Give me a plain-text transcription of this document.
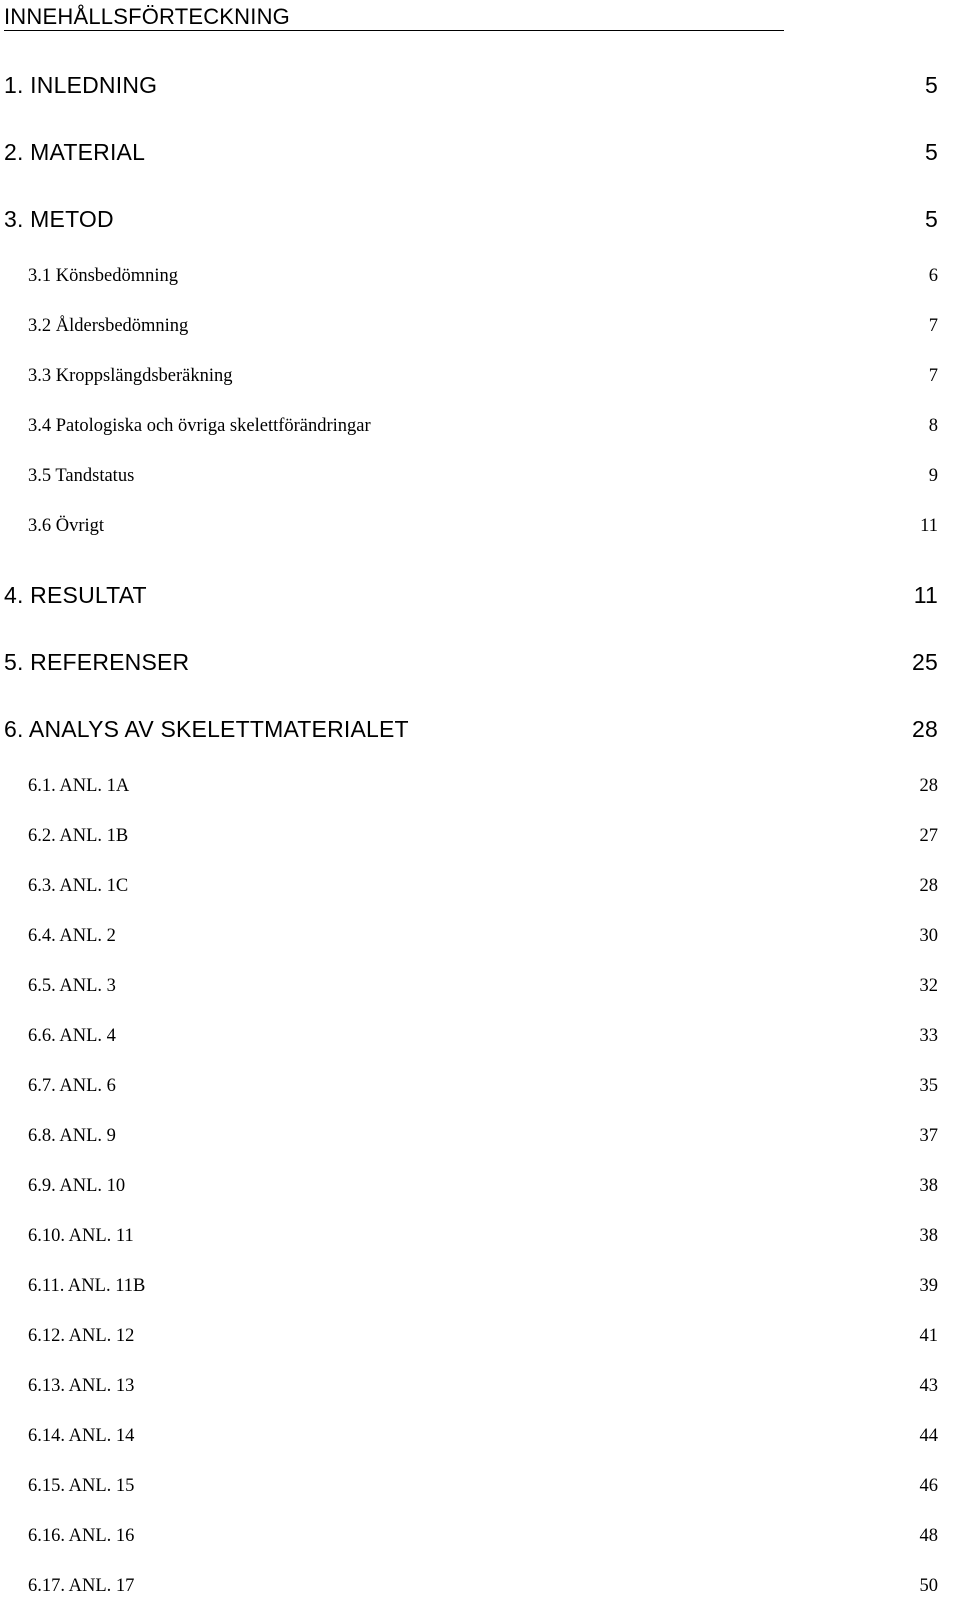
INNEHÅLLSFÖRTECKNING
1. INLEDNING	5
2. MATERIAL	5
3. METOD	5
3.1 Könsbedömning	6
3.2 Åldersbedömning	7
3.3 Kroppslängdsberäkning	7
3.4 Patologiska och övriga skelettförändringar	8
3.5 Tandstatus	9
3.6 Övrigt	11
4. RESULTAT	11
5. REFERENSER	25
6. ANALYS AV SKELETTMATERIALET	28
6.1. ANL. 1A	28
6.2. ANL. 1B	27
6.3. ANL. 1C	28
6.4. ANL. 2	30
6.5. ANL. 3	32
6.6. ANL. 4	33
6.7. ANL. 6	35
6.8. ANL. 9	37
6.9. ANL. 10	38
6.10. ANL. 11	38
6.11. ANL. 11B	39
6.12. ANL. 12	41
6.13. ANL. 13	43
6.14. ANL. 14	44
6.15. ANL. 15	46
6.16. ANL. 16	48
6.17. ANL. 17	50
